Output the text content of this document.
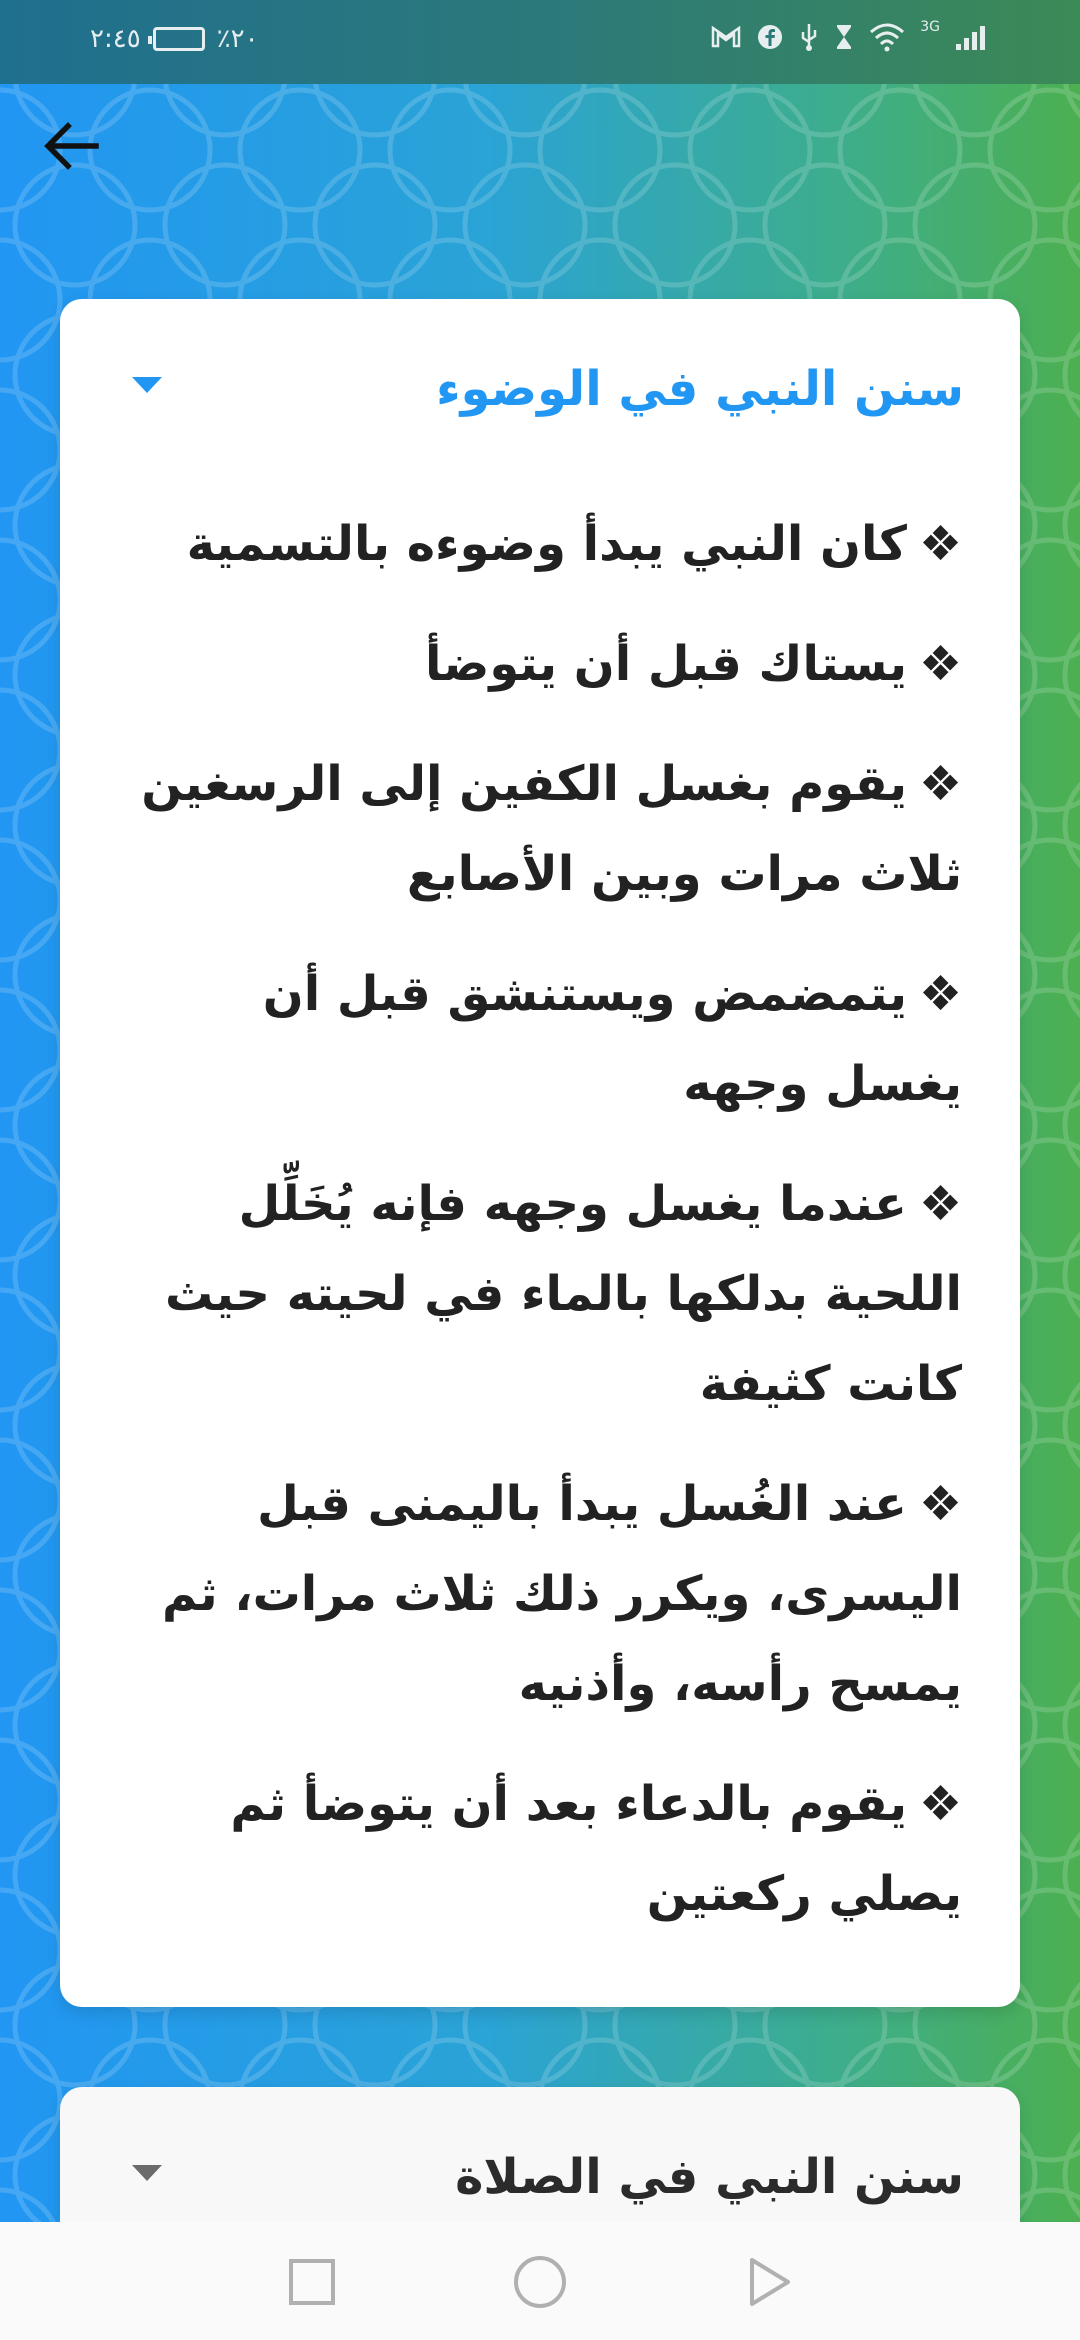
٢:٤٥	٪٢٠	3G
سنن النبي في الوضوء
❖كان النبي يبدأ وضوءه بالتسمية
❖يستاك قبل أن يتوضأ
❖يقوم بغسل الكفين إلى الرسغين ثلاث مرات وبين الأصابع
❖يتمضمض ويستنشق قبل أن يغسل وجهه
❖عندما يغسل وجهه فإنه يُخَلِّل اللحية بدلكها بالماء في لحيته حيث كانت كثيفة
❖عند الغُسل يبدأ باليمنى قبل اليسرى، ويكرر ذلك ثلاث مرات، ثم يمسح رأسه، وأذنيه
❖يقوم بالدعاء بعد أن يتوضأ ثم يصلي ركعتين
سنن النبي في الصلاة
